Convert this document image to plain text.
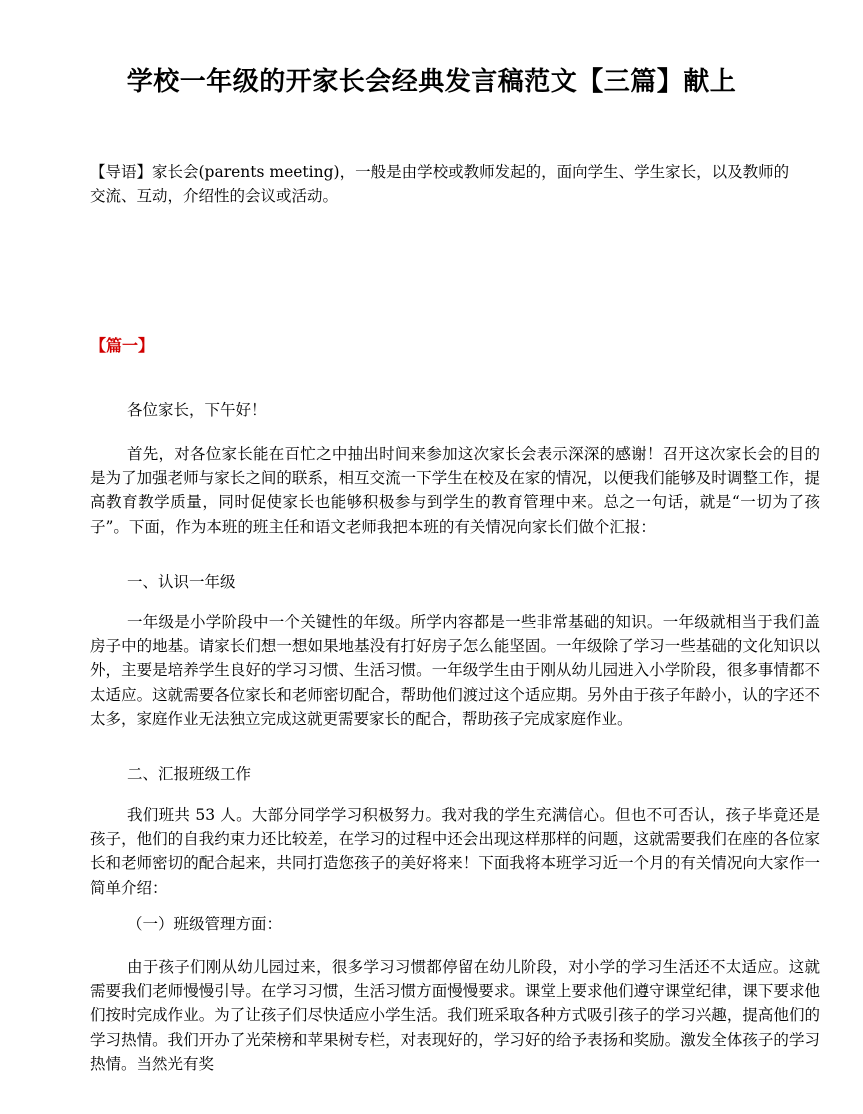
学校一年级的开家长会经典发言稿范文【三篇】献上
【导语】家长会(parents meeting)，一般是由学校或教师发起的，面向学生、学生家长，以及教师的交流、互动，介绍性的会议或活动。
【篇一】
各位家长，下午好！
首先，对各位家长能在百忙之中抽出时间来参加这次家长会表示深深的感谢！召开这次家长会的目的是为了加强老师与家长之间的联系，相互交流一下学生在校及在家的情况，以便我们能够及时调整工作，提高教育教学质量，同时促使家长也能够积极参与到学生的教育管理中来。总之一句话，就是“一切为了孩子”。下面，作为本班的班主任和语文老师我把本班的有关情况向家长们做个汇报：
一、认识一年级
一年级是小学阶段中一个关键性的年级。所学内容都是一些非常基础的知识。一年级就相当于我们盖房子中的地基。请家长们想一想如果地基没有打好房子怎么能坚固。一年级除了学习一些基础的文化知识以外，主要是培养学生良好的学习习惯、生活习惯。一年级学生由于刚从幼儿园进入小学阶段，很多事情都不太适应。这就需要各位家长和老师密切配合，帮助他们渡过这个适应期。另外由于孩子年龄小，认的字还不太多，家庭作业无法独立完成这就更需要家长的配合，帮助孩子完成家庭作业。
二、汇报班级工作
我们班共 53 人。大部分同学学习积极努力。我对我的学生充满信心。但也不可否认，孩子毕竟还是孩子，他们的自我约束力还比较差，在学习的过程中还会出现这样那样的问题，这就需要我们在座的各位家长和老师密切的配合起来，共同打造您孩子的美好将来！下面我将本班学习近一个月的有关情况向大家作一简单介绍：
（一）班级管理方面：
由于孩子们刚从幼儿园过来，很多学习习惯都停留在幼儿阶段，对小学的学习生活还不太适应。这就需要我们老师慢慢引导。在学习习惯，生活习惯方面慢慢要求。课堂上要求他们遵守课堂纪律，课下要求他们按时完成作业。为了让孩子们尽快适应小学生活。我们班采取各种方式吸引孩子的学习兴趣，提高他们的学习热情。我们开办了光荣榜和苹果树专栏，对表现好的，学习好的给予表扬和奖励。激发全体孩子的学习热情。当然光有奖
